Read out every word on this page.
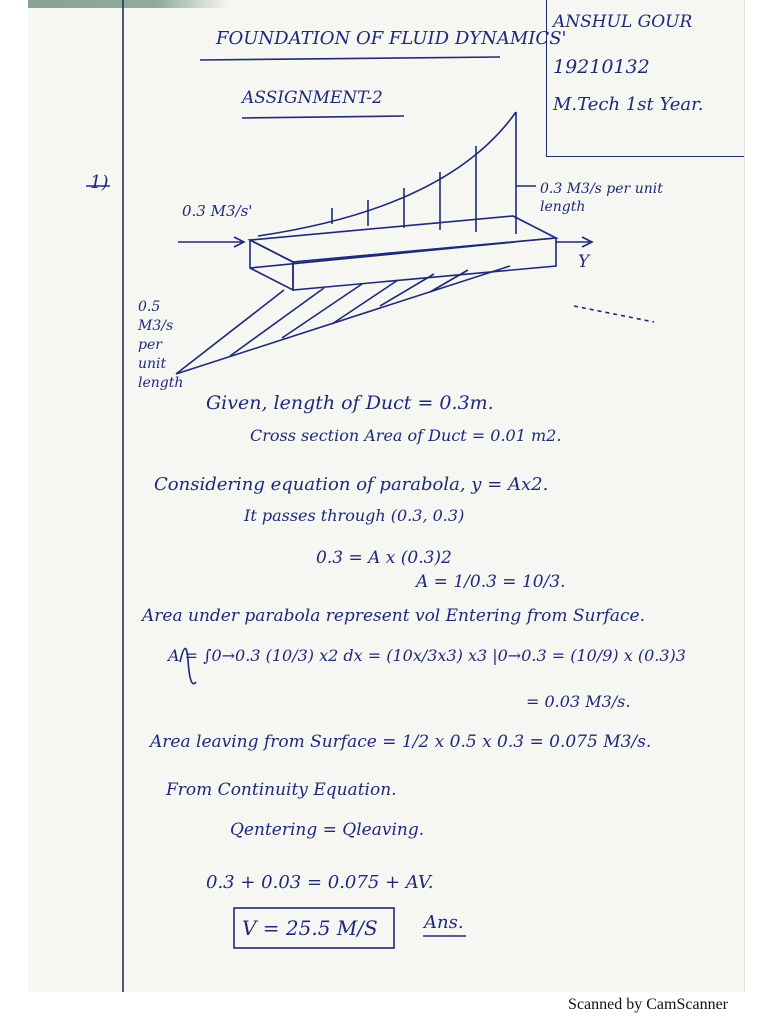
FOUNDATION OF FLUID DYNAMICS'
ASSIGNMENT-2
ANSHUL GOUR
19210132
M.Tech 1st Year.
1)
0.3 M3/s'
0.3 M3/s per unit length
0.5 M3/s per unit length
Y
Given, length of Duct = 0.3m.
Cross section Area of Duct = 0.01 m2.
Considering equation of parabola, y = Ax2.
It passes through (0.3, 0.3)
0.3 = A x (0.3)2
A = 1/0.3 = 10/3.
Area under parabola represent vol Entering from Surface.
A = ∫0→0.3 (10/3) x2 dx = (10x/3x3) x3 |0→0.3 = (10/9) x (0.3)3
= 0.03 M3/s.
Area leaving from Surface = 1/2 x 0.5 x 0.3 = 0.075 M3/s.
From Continuity Equation.
Qentering = Qleaving.
0.3 + 0.03 = 0.075 + AV.
V = 25.5 M/S	Ans.
Scanned by CamScanner
